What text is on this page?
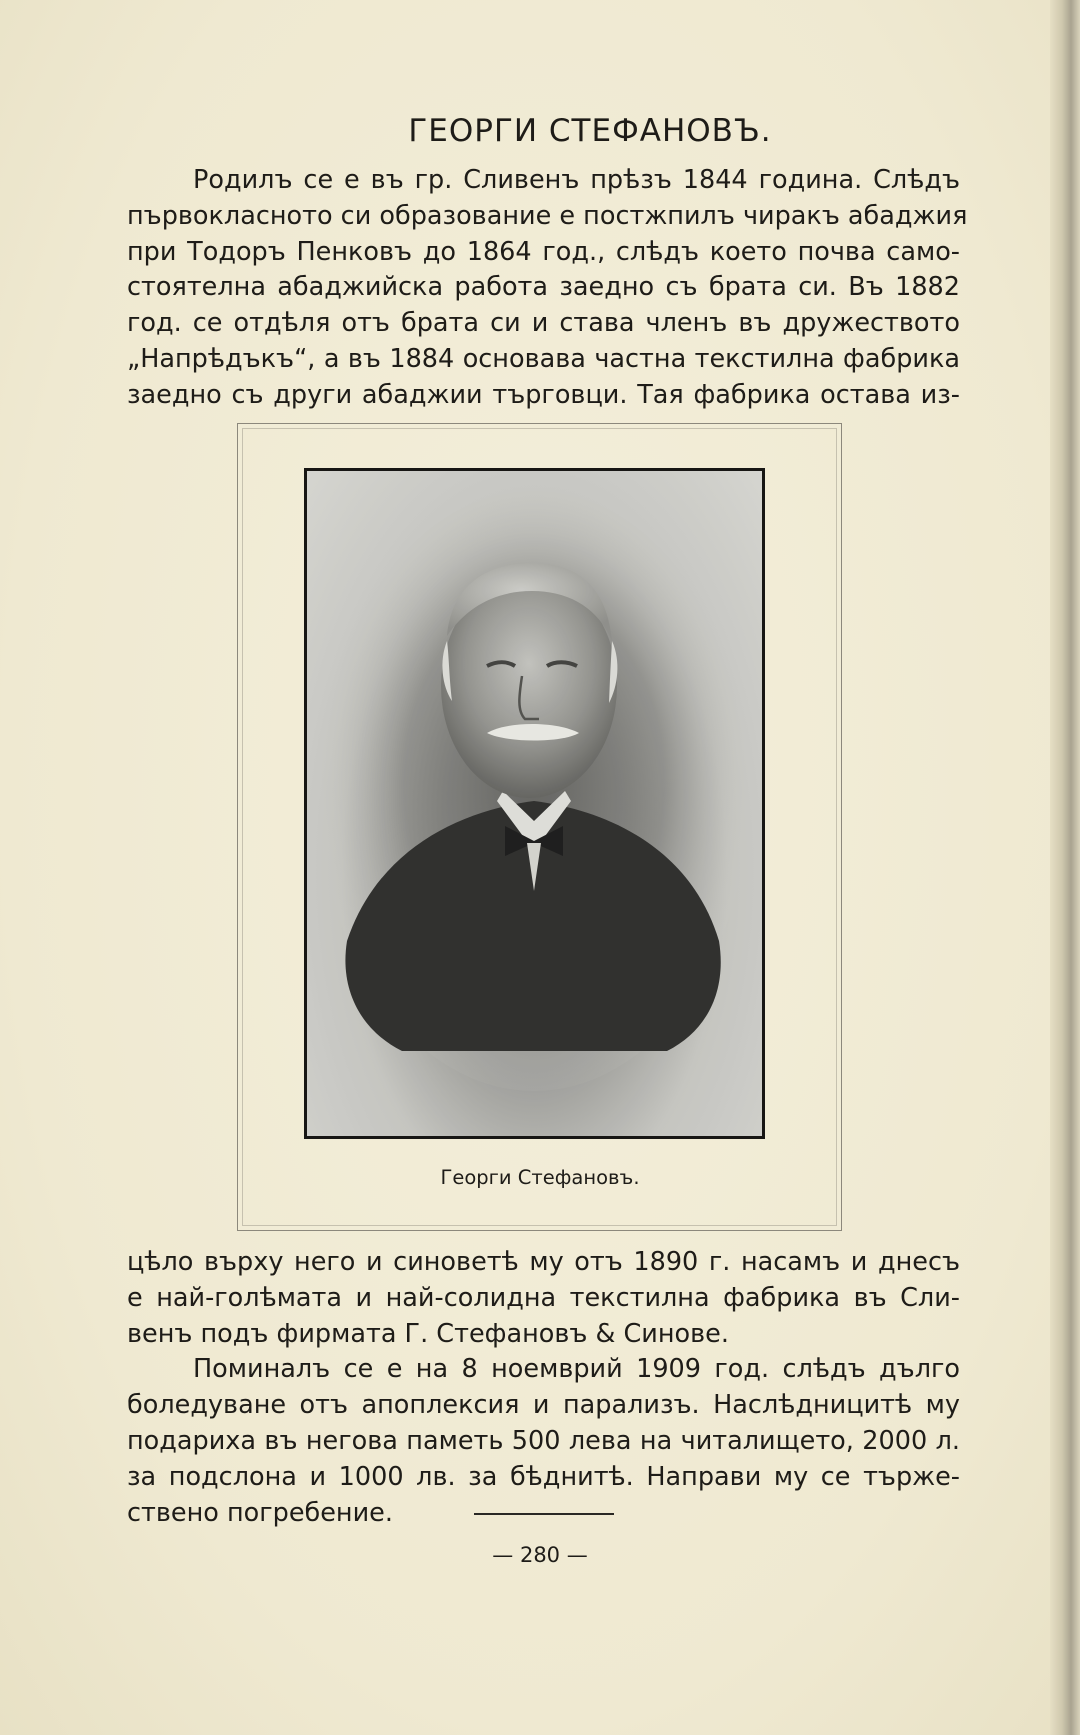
ГЕОРГИ СТЕФАНОВЪ.
Родилъ се е въ гр. Сливенъ прѣзъ 1844 година. Слѣдъ
първокласното си образование е постжпилъ чиракъ абаджия
при Тодоръ Пенковъ до 1864 год., слѣдъ което почва само-
стоятелна абаджийска работа заедно съ брата си. Въ 1882
год. се отдѣля отъ брата си и става членъ въ дружеството
„Напрѣдъкъ“, а въ 1884 основава частна текстилна фабрика
заедно съ други абаджии търговци. Тая фабрика остава из-

Георги Стефановъ.

цѣло върху него и синоветѣ му отъ 1890 г. насамъ и днесъ
е най-голѣмата и най-солидна текстилна фабрика въ Сли-
венъ подъ фирмата Г. Стефановъ & Синове.
Поминалъ се е на 8 ноемврий 1909 год. слѣдъ дълго
боледуване отъ апоплексия и парализъ. Наслѣдницитѣ му
подариха въ негова паметь 500 лева на читалището, 2000 л.
за подслона и 1000 лв. за бѣднитѣ. Направи му се търже-
ствено погребение.

— 280 —
